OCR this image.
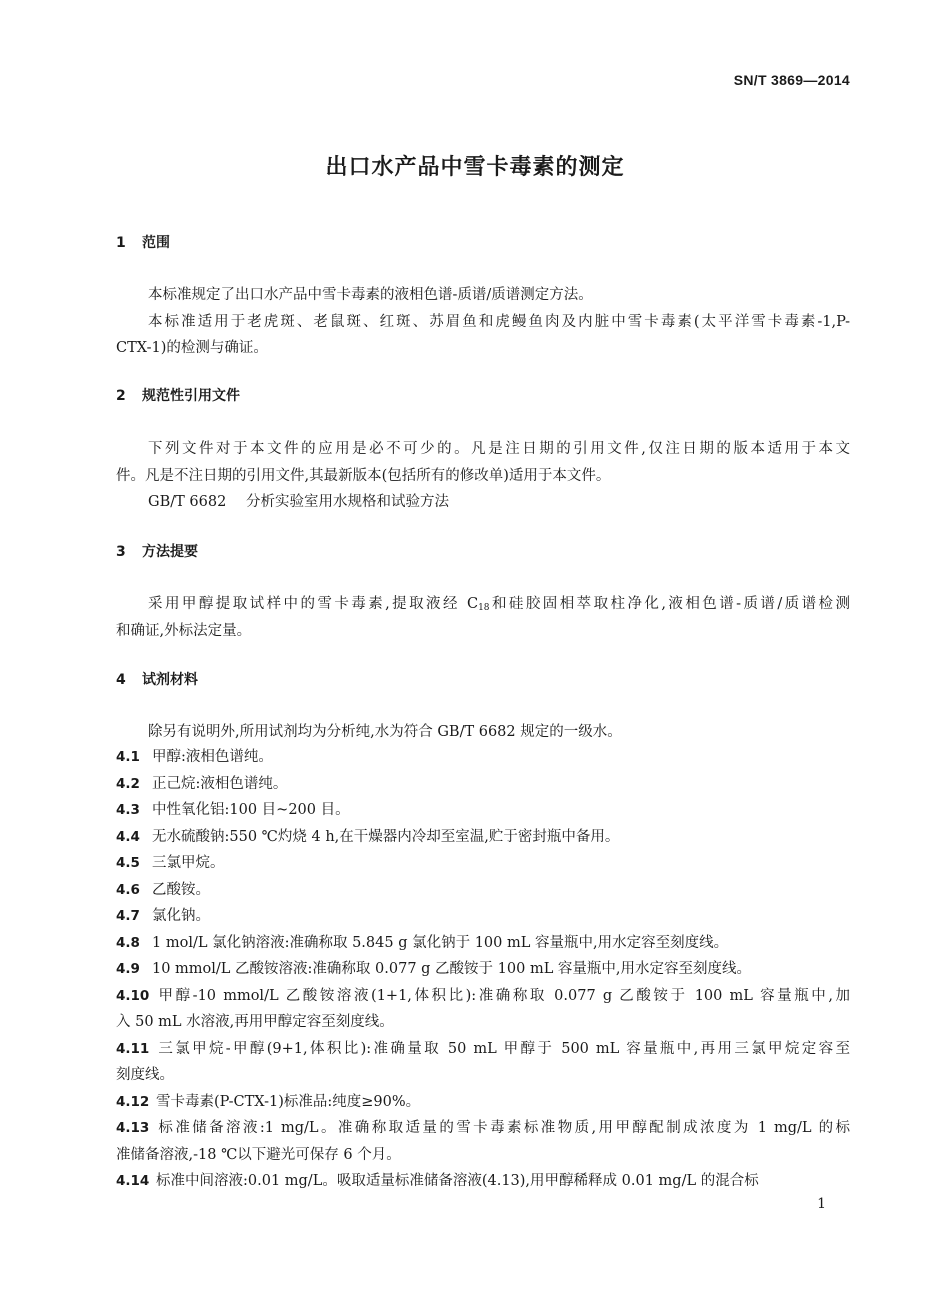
SN/T 3869—2014
出口水产品中雪卡毒素的测定
1 范围
本标准规定了出口水产品中雪卡毒素的液相色谱-质谱/质谱测定方法。
本标准适用于老虎斑、老鼠斑、红斑、苏眉鱼和虎鳗鱼肉及内脏中雪卡毒素(太平洋雪卡毒素-1,P-
CTX-1)的检测与确证。
2 规范性引用文件
下列文件对于本文件的应用是必不可少的。凡是注日期的引用文件,仅注日期的版本适用于本文
件。凡是不注日期的引用文件,其最新版本(包括所有的修改单)适用于本文件。
GB/T 6682 分析实验室用水规格和试验方法
3 方法提要
采用甲醇提取试样中的雪卡毒素,提取液经 $C_{18}$和硅胶固相萃取柱净化,液相色谱-质谱/质谱检测
和确证,外标法定量。
4 试剂材料
除另有说明外,所用试剂均为分析纯,水为符合 GB/T 6682 规定的一级水。
4.1 甲醇:液相色谱纯。
4.2 正己烷:液相色谱纯。
4.3 中性氧化铝:100 目~200 目。
4.4 无水硫酸钠:550 ℃灼烧 4 h,在干燥器内冷却至室温,贮于密封瓶中备用。
4.5 三氯甲烷。
4.6 乙酸铵。
4.7 氯化钠。
4.8 1 mol/L 氯化钠溶液:准确称取 5.845 g 氯化钠于 100 mL 容量瓶中,用水定容至刻度线。
4.9 10 mmol/L 乙酸铵溶液:准确称取 0.077 g 乙酸铵于 100 mL 容量瓶中,用水定容至刻度线。
4.10 甲醇-10 mmol/L 乙酸铵溶液(1+1,体积比):准确称取 0.077 g 乙酸铵于 100 mL 容量瓶中,加
入 50 mL 水溶液,再用甲醇定容至刻度线。
4.11 三氯甲烷-甲醇(9+1,体积比):准确量取 50 mL 甲醇于 500 mL 容量瓶中,再用三氯甲烷定容至
刻度线。
4.12 雪卡毒素(P-CTX-1)标准品:纯度≥90%。
4.13 标准储备溶液:1 mg/L。准确称取适量的雪卡毒素标准物质,用甲醇配制成浓度为 1 mg/L 的标
准储备溶液,-18 ℃以下避光可保存 6 个月。
4.14 标准中间溶液:0.01 mg/L。吸取适量标准储备溶液(4.13),用甲醇稀释成 0.01 mg/L 的混合标
1
